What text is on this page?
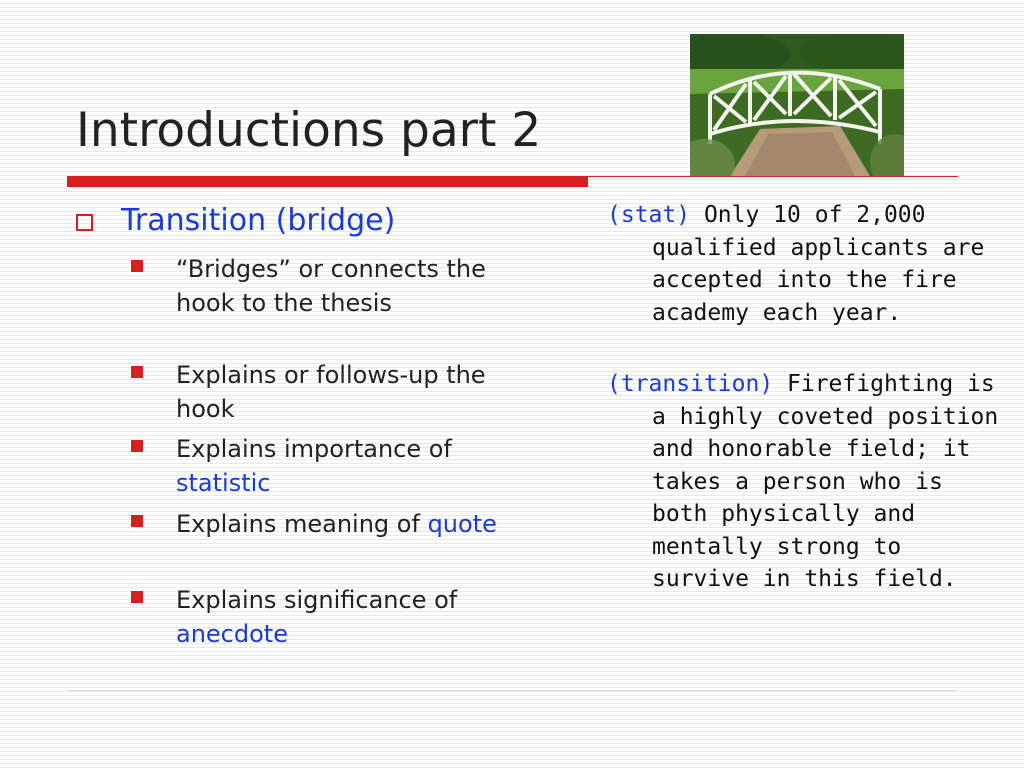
Introductions part 2
Transition (bridge)
“Bridges” or connects the hook to the thesis
Explains or follows-up the hook
Explains importance of statistic
Explains meaning of quote
Explains significance of anecdote
(stat) Only 10 of 2,000 qualified applicants are accepted into the fire academy each year.
(transition) Firefighting is a highly coveted position and honorable field; it takes a person who is both physically and mentally strong to survive in this field.
